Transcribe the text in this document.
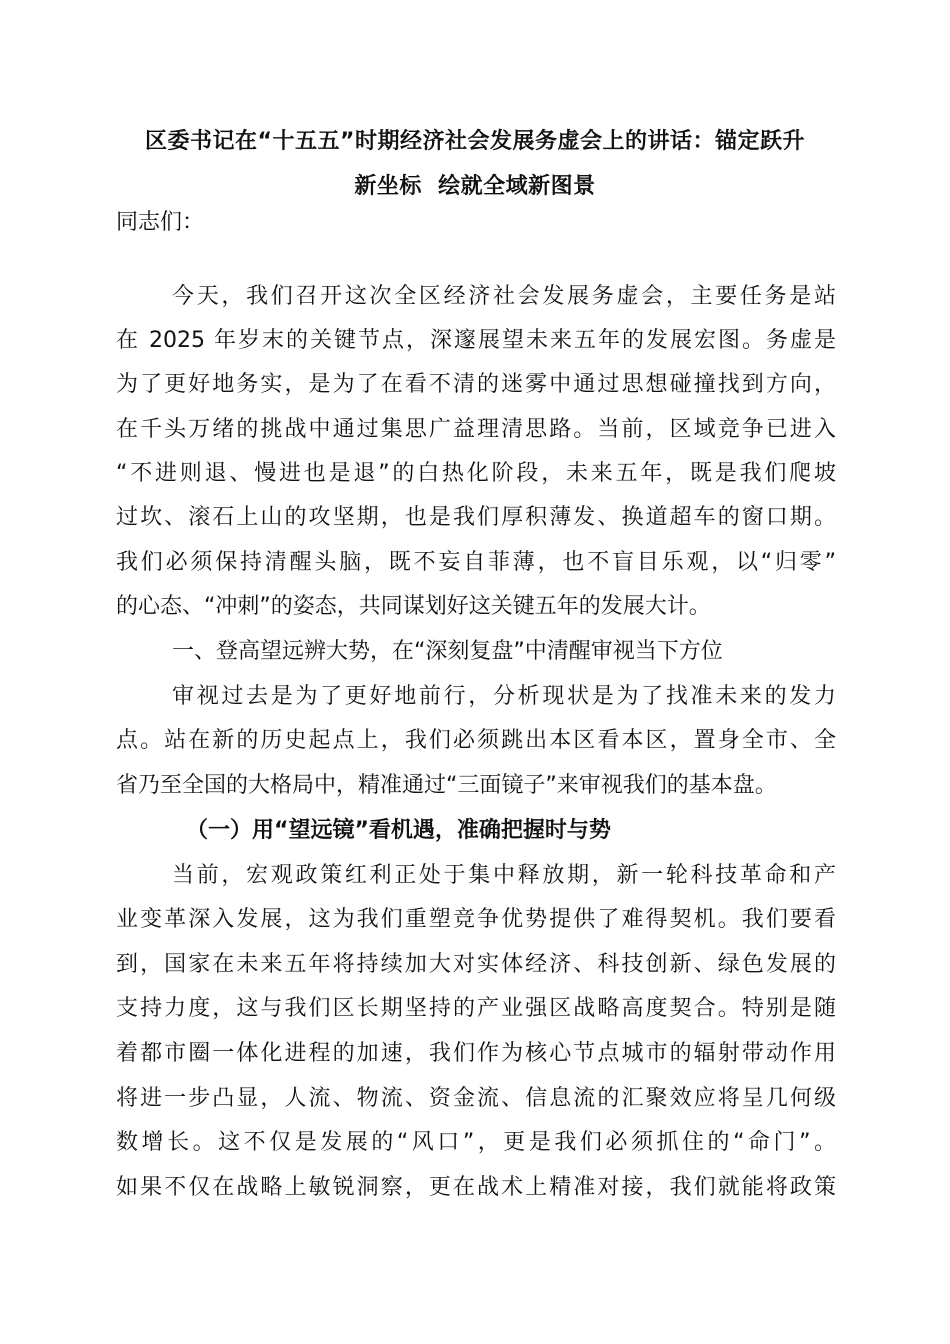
区委书记在“十五五”时期经济社会发展务虚会上的讲话：锚定跃升
新坐标  绘就全域新图景
同志们：
今天，我们召开这次全区经济社会发展务虚会，主要任务是站
在 2025 年岁末的关键节点，深邃展望未来五年的发展宏图。务虚是
为了更好地务实，是为了在看不清的迷雾中通过思想碰撞找到方向，
在千头万绪的挑战中通过集思广益理清思路。当前，区域竞争已进入
“不进则退、慢进也是退”的白热化阶段，未来五年，既是我们爬坡
过坎、滚石上山的攻坚期，也是我们厚积薄发、换道超车的窗口期。
我们必须保持清醒头脑，既不妄自菲薄，也不盲目乐观，以“归零”
的心态、“冲刺”的姿态，共同谋划好这关键五年的发展大计。
一、登高望远辨大势，在“深刻复盘”中清醒审视当下方位
审视过去是为了更好地前行，分析现状是为了找准未来的发力
点。站在新的历史起点上，我们必须跳出本区看本区，置身全市、全
省乃至全国的大格局中，精准通过“三面镜子”来审视我们的基本盘。
（一）用“望远镜”看机遇，准确把握时与势
当前，宏观政策红利正处于集中释放期，新一轮科技革命和产
业变革深入发展，这为我们重塑竞争优势提供了难得契机。我们要看
到，国家在未来五年将持续加大对实体经济、科技创新、绿色发展的
支持力度，这与我们区长期坚持的产业强区战略高度契合。特别是随
着都市圈一体化进程的加速，我们作为核心节点城市的辐射带动作用
将进一步凸显，人流、物流、资金流、信息流的汇聚效应将呈几何级
数增长。这不仅是发展的“风口”，更是我们必须抓住的“命门”。
如果不仅在战略上敏锐洞察，更在战术上精准对接，我们就能将政策
